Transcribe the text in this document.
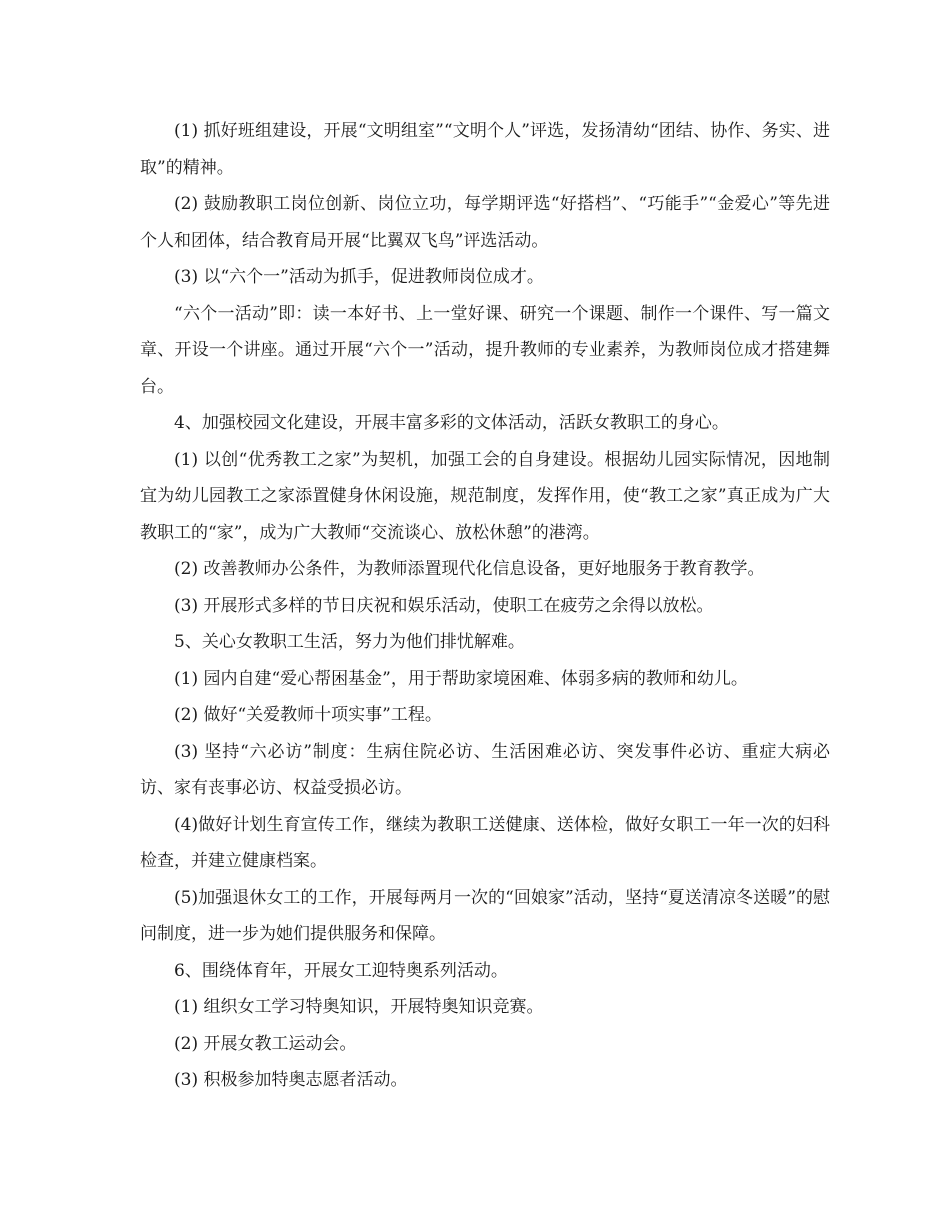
(1) 抓好班组建设，开展“文明组室”“文明个人”评选，发扬清幼“团结、协作、务实、进取”的精神。

(2) 鼓励教职工岗位创新、岗位立功，每学期评选“好搭档”、“巧能手”“金爱心”等先进个人和团体，结合教育局开展“比翼双飞鸟”评选活动。

(3) 以“六个一”活动为抓手，促进教师岗位成才。

“六个一活动”即：读一本好书、上一堂好课、研究一个课题、制作一个课件、写一篇文章、开设一个讲座。通过开展“六个一”活动，提升教师的专业素养，为教师岗位成才搭建舞台。

4、加强校园文化建设，开展丰富多彩的文体活动，活跃女教职工的身心。

(1) 以创“优秀教工之家”为契机，加强工会的自身建设。根据幼儿园实际情况，因地制宜为幼儿园教工之家添置健身休闲设施，规范制度，发挥作用，使“教工之家”真正成为广大教职工的“家”，成为广大教师“交流谈心、放松休憩”的港湾。

(2) 改善教师办公条件，为教师添置现代化信息设备，更好地服务于教育教学。

(3) 开展形式多样的节日庆祝和娱乐活动，使职工在疲劳之余得以放松。

5、关心女教职工生活，努力为他们排忧解难。

(1) 园内自建“爱心帮困基金”，用于帮助家境困难、体弱多病的教师和幼儿。

(2) 做好“关爱教师十项实事”工程。

(3) 坚持“六必访”制度：生病住院必访、生活困难必访、突发事件必访、重症大病必访、家有丧事必访、权益受损必访。

(4)做好计划生育宣传工作，继续为教职工送健康、送体检，做好女职工一年一次的妇科检查，并建立健康档案。

(5)加强退休女工的工作，开展每两月一次的“回娘家”活动，坚持“夏送清凉冬送暖”的慰问制度，进一步为她们提供服务和保障。

6、围绕体育年，开展女工迎特奥系列活动。

(1) 组织女工学习特奥知识，开展特奥知识竞赛。

(2) 开展女教工运动会。

(3) 积极参加特奥志愿者活动。
